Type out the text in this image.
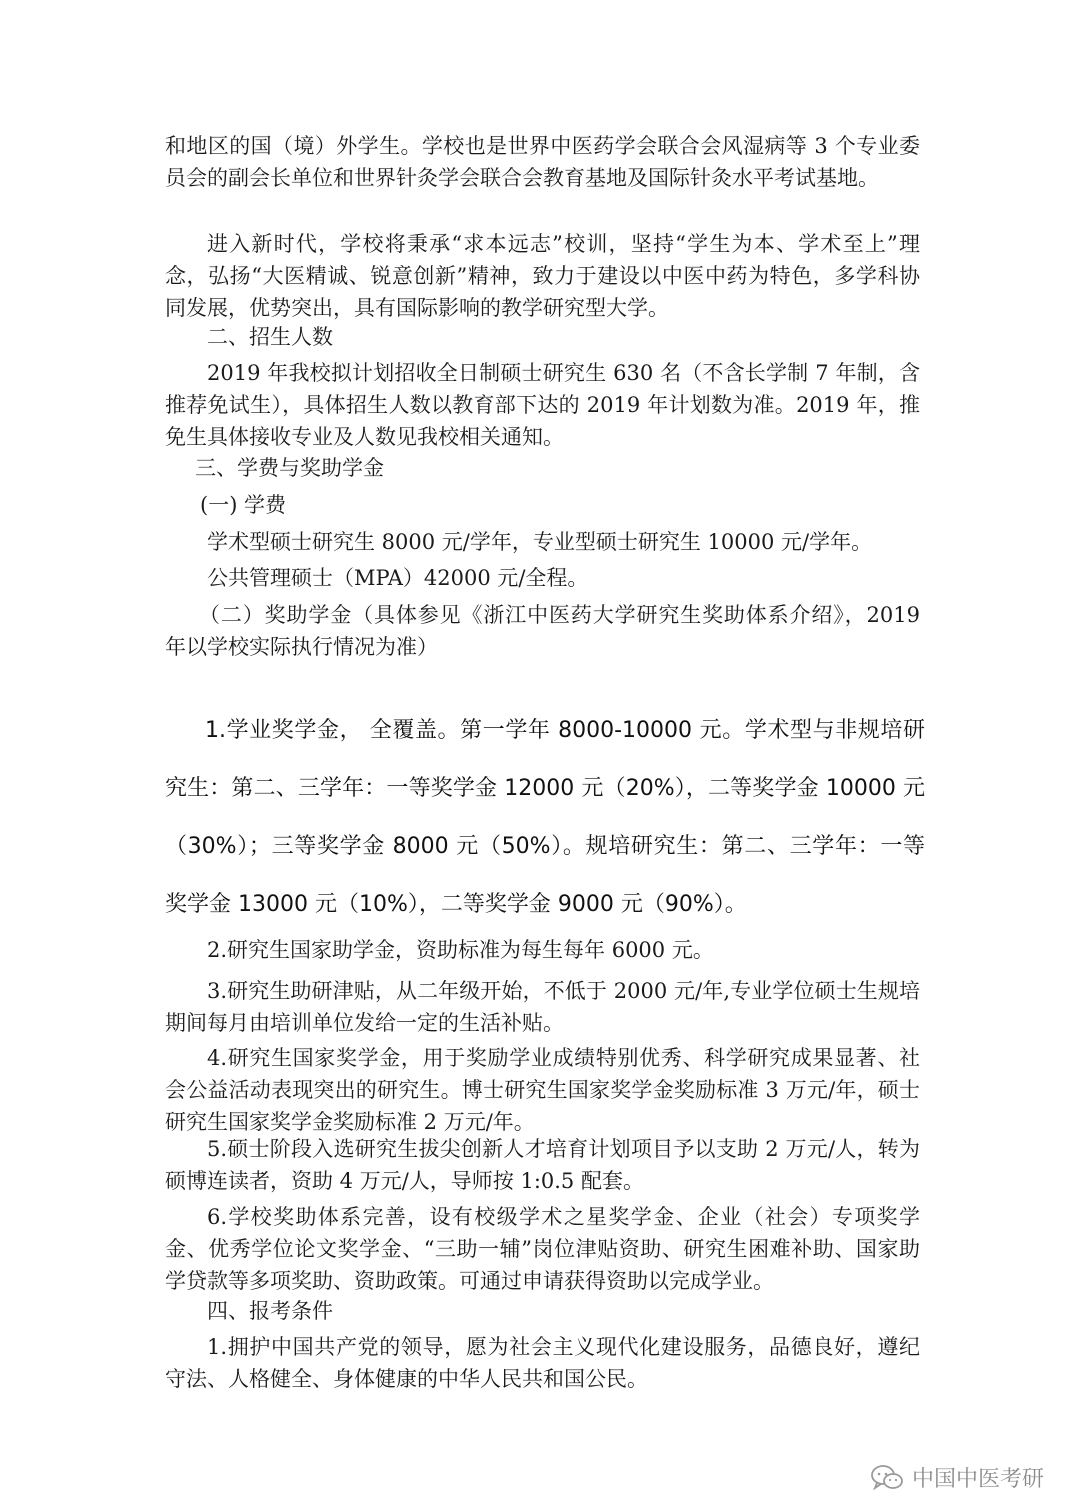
和地区的国（境）外学生。学校也是世界中医药学会联合会风湿病等 3 个专业委员会的副会长单位和世界针灸学会联合会教育基地及国际针灸水平考试基地。

进入新时代，学校将秉承“求本远志”校训，坚持“学生为本、学术至上”理念，弘扬“大医精诚、锐意创新”精神，致力于建设以中医中药为特色，多学科协同发展，优势突出，具有国际影响的教学研究型大学。

二、招生人数

2019 年我校拟计划招收全日制硕士研究生 630 名（不含长学制 7 年制，含推荐免试生），具体招生人数以教育部下达的 2019 年计划数为准。2019 年，推免生具体接收专业及人数见我校相关通知。

三、学费与奖助学金

(一) 学费

学术型硕士研究生 8000 元/学年，专业型硕士研究生 10000 元/学年。

公共管理硕士（MPA）42000 元/全程。

（二）奖助学金（具体参见《浙江中医药大学研究生奖助体系介绍》，2019 年以学校实际执行情况为准）

1.学业奖学金， 全覆盖。第一学年 8000-10000 元。学术型与非规培研究生：第二、三学年：一等奖学金 12000 元（20%），二等奖学金 10000 元（30%）；三等奖学金 8000 元（50%）。规培研究生：第二、三学年：一等奖学金 13000 元（10%），二等奖学金 9000 元（90%）。

2.研究生国家助学金，资助标准为每生每年 6000 元。

3.研究生助研津贴，从二年级开始，不低于 2000 元/年,专业学位硕士生规培期间每月由培训单位发给一定的生活补贴。

4.研究生国家奖学金，用于奖励学业成绩特别优秀、科学研究成果显著、社会公益活动表现突出的研究生。博士研究生国家奖学金奖励标准 3 万元/年，硕士研究生国家奖学金奖励标准 2 万元/年。

5.硕士阶段入选研究生拔尖创新人才培育计划项目予以支助 2 万元/人，转为硕博连读者，资助 4 万元/人，导师按 1:0.5 配套。

6.学校奖助体系完善，设有校级学术之星奖学金、企业（社会）专项奖学金、优秀学位论文奖学金、“三助一辅”岗位津贴资助、研究生困难补助、国家助学贷款等多项奖助、资助政策。可通过申请获得资助以完成学业。

四、报考条件

1.拥护中国共产党的领导，愿为社会主义现代化建设服务，品德良好，遵纪守法、人格健全、身体健康的中华人民共和国公民。

中国中医考研
